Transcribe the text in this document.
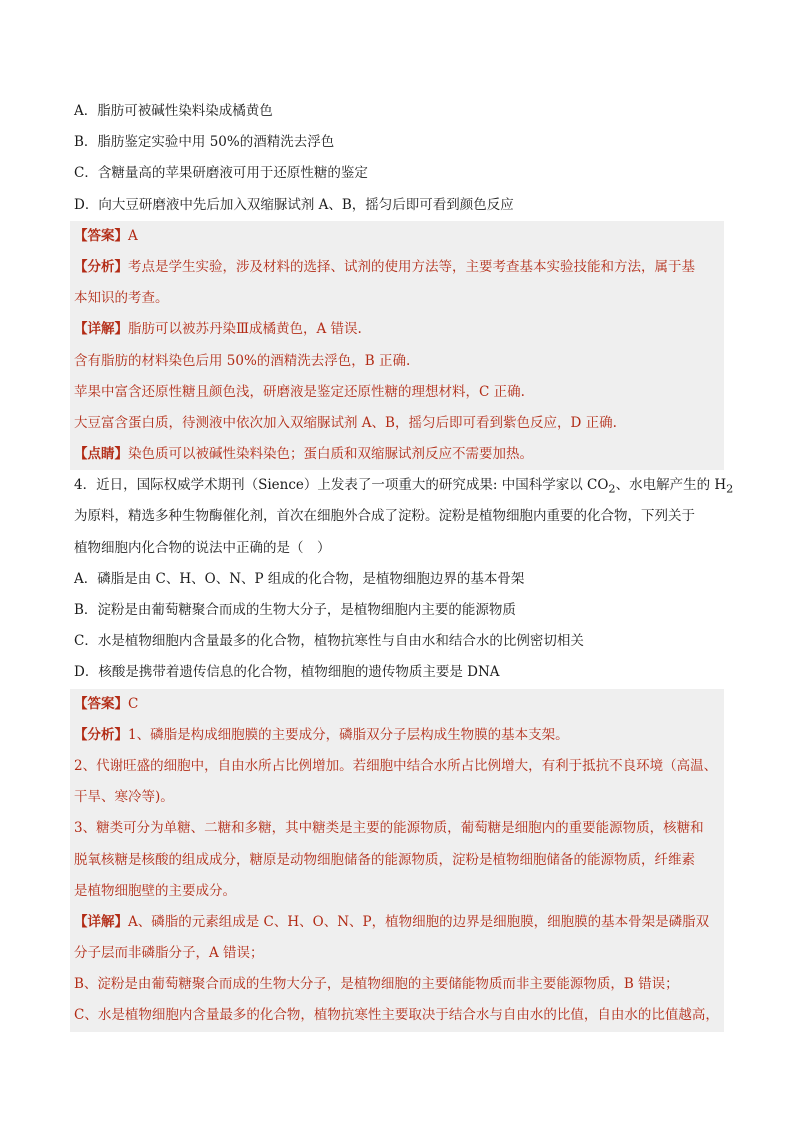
A．脂肪可被碱性染料染成橘黄色
B．脂肪鉴定实验中用 50%的酒精洗去浮色
C．含糖量高的苹果研磨液可用于还原性糖的鉴定
D．向大豆研磨液中先后加入双缩脲试剂 A、B，摇匀后即可看到颜色反应
【答案】A
【分析】考点是学生实验，涉及材料的选择、试剂的使用方法等，主要考查基本实验技能和方法，属于基
本知识的考查。
【详解】脂肪可以被苏丹染Ⅲ成橘黄色，A 错误.
含有脂肪的材料染色后用 50%的酒精洗去浮色，B 正确.
苹果中富含还原性糖且颜色浅，研磨液是鉴定还原性糖的理想材料，C 正确.
大豆富含蛋白质，待测液中依次加入双缩脲试剂 A、B，摇匀后即可看到紫色反应，D 正确.
【点睛】染色质可以被碱性染料染色；蛋白质和双缩脲试剂反应不需要加热。
4．近日，国际权威学术期刊（Sience）上发表了一项重大的研究成果: 中国科学家以 $CO_2$、水电解产生的 $H_2$
为原料，精选多种生物酶催化剂，首次在细胞外合成了淀粉。淀粉是植物细胞内重要的化合物，下列关于
植物细胞内化合物的说法中正确的是（　）
A．磷脂是由 C、H、O、N、P 组成的化合物，是植物细胞边界的基本骨架
B．淀粉是由葡萄糖聚合而成的生物大分子，是植物细胞内主要的能源物质
C．水是植物细胞内含量最多的化合物，植物抗寒性与自由水和结合水的比例密切相关
D．核酸是携带着遗传信息的化合物，植物细胞的遗传物质主要是 DNA
【答案】C
【分析】1、磷脂是构成细胞膜的主要成分，磷脂双分子层构成生物膜的基本支架。
2、代谢旺盛的细胞中，自由水所占比例增加。若细胞中结合水所占比例增大，有利于抵抗不良环境（高温、
干旱、寒冷等)。
3、糖类可分为单糖、二糖和多糖，其中糖类是主要的能源物质，葡萄糖是细胞内的重要能源物质，核糖和
脱氧核糖是核酸的组成成分，糖原是动物细胞储备的能源物质，淀粉是植物细胞储备的能源物质，纤维素
是植物细胞壁的主要成分。
【详解】A、磷脂的元素组成是 C、H、O、N、P，植物细胞的边界是细胞膜，细胞膜的基本骨架是磷脂双
分子层而非磷脂分子，A 错误；
B、淀粉是由葡萄糖聚合而成的生物大分子，是植物细胞的主要储能物质而非主要能源物质，B 错误；
C、水是植物细胞内含量最多的化合物，植物抗寒性主要取决于结合水与自由水的比值，自由水的比值越高，
